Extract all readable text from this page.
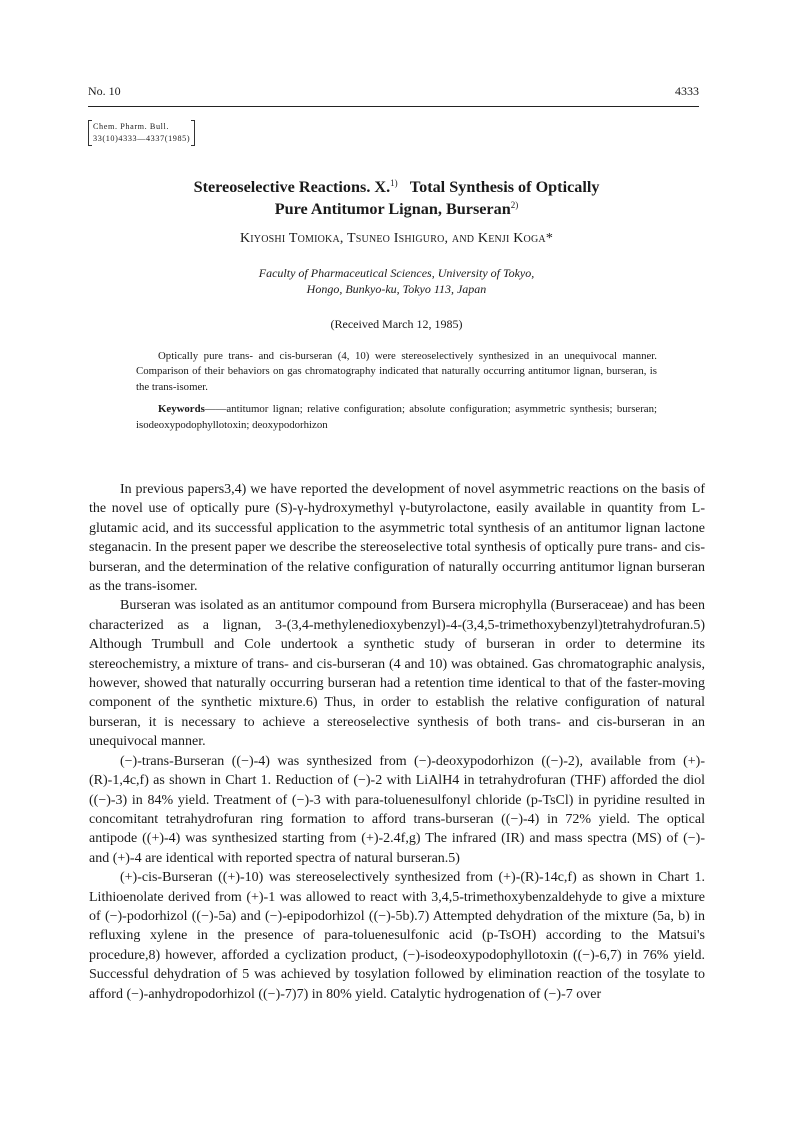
No. 10	4333
Chem. Pharm. Bull.
33(10)4333—4337(1985)
Stereoselective Reactions. X.$^{1)}$ Total Synthesis of Optically
Pure Antitumor Lignan, Burseran$^{2)}$
Kiyoshi Tomioka, Tsuneo Ishiguro, and Kenji Koga*
Faculty of Pharmaceutical Sciences, University of Tokyo,
Hongo, Bunkyo-ku, Tokyo 113, Japan
(Received March 12, 1985)

Optically pure trans- and cis-burseran (4, 10) were stereoselectively synthesized in an unequivocal manner. Comparison of their behaviors on gas chromatography indicated that naturally occurring antitumor lignan, burseran, is the trans-isomer.

Keywords——antitumor lignan; relative configuration; absolute configuration; asymmetric synthesis; burseran; isodeoxypodophyllotoxin; deoxypodorhizon

In previous papers3,4) we have reported the development of novel asymmetric reactions on the basis of the novel use of optically pure (S)-γ-hydroxymethyl γ-butyrolactone, easily available in quantity from L-glutamic acid, and its successful application to the asymmetric total synthesis of an antitumor lignan lactone steganacin. In the present paper we describe the stereoselective total synthesis of optically pure trans- and cis-burseran, and the determination of the relative configuration of naturally occurring antitumor lignan burseran as the trans-isomer.

Burseran was isolated as an antitumor compound from Bursera microphylla (Burseraceae) and has been characterized as a lignan, 3-(3,4-methylenedioxybenzyl)-4-(3,4,5-trimethoxybenzyl)tetrahydrofuran.5) Although Trumbull and Cole undertook a synthetic study of burseran in order to determine its stereochemistry, a mixture of trans- and cis-burseran (4 and 10) was obtained. Gas chromatographic analysis, however, showed that naturally occurring burseran had a retention time identical to that of the faster-moving component of the synthetic mixture.6) Thus, in order to establish the relative configuration of natural burseran, it is necessary to achieve a stereoselective synthesis of both trans- and cis-burseran in an unequivocal manner.

(−)-trans-Burseran ((−)-4) was synthesized from (−)-deoxypodorhizon ((−)-2), available from (+)-(R)-1,4c,f) as shown in Chart 1. Reduction of (−)-2 with LiAlH4 in tetrahydrofuran (THF) afforded the diol ((−)-3) in 84% yield. Treatment of (−)-3 with para-toluenesulfonyl chloride (p-TsCl) in pyridine resulted in concomitant tetrahydrofuran ring formation to afford trans-burseran ((−)-4) in 72% yield. The optical antipode ((+)-4) was synthesized starting from (+)-2.4f,g) The infrared (IR) and mass spectra (MS) of (−)- and (+)-4 are identical with reported spectra of natural burseran.5)

(+)-cis-Burseran ((+)-10) was stereoselectively synthesized from (+)-(R)-14c,f) as shown in Chart 1. Lithioenolate derived from (+)-1 was allowed to react with 3,4,5-trimethoxybenzaldehyde to give a mixture of (−)-podorhizol ((−)-5a) and (−)-epipodorhizol ((−)-5b).7) Attempted dehydration of the mixture (5a, b) in refluxing xylene in the presence of para-toluenesulfonic acid (p-TsOH) according to the Matsui's procedure,8) however, afforded a cyclization product, (−)-isodeoxypodophyllotoxin ((−)-6,7) in 76% yield. Successful dehydration of 5 was achieved by tosylation followed by elimination reaction of the tosylate to afford (−)-anhydropodorhizol ((−)-7)7) in 80% yield. Catalytic hydrogenation of (−)-7 over
